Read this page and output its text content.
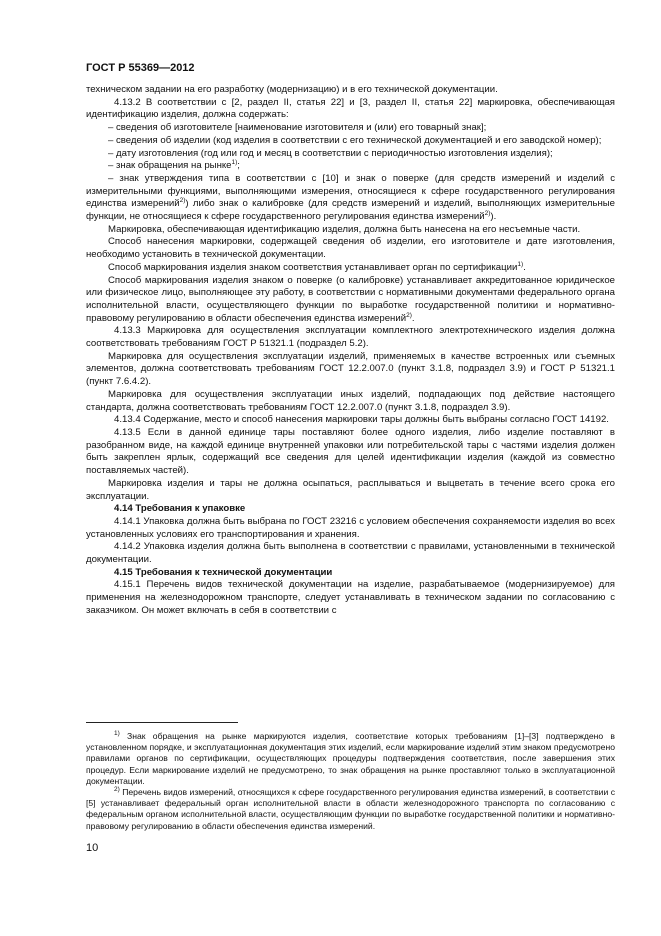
ГОСТ Р 55369—2012

техническом задании на его разработку (модернизацию) и в его технической документации.

4.13.2 В соответствии с [2, раздел II, статья 22] и [3, раздел II, статья 22] маркировка, обеспечивающая идентификацию изделия, должна содержать:

– сведения об изготовителе [наименование изготовителя и (или) его товарный знак];

– сведения об изделии (код изделия в соответствии с его технической документацией и его заводской номер);

– дату изготовления (год или год и месяц в соответствии с периодичностью изготовления изделия);

– знак обращения на рынке$^{1)}$;

– знак утверждения типа в соответствии с [10] и знак о поверке (для средств измерений и изделий с измерительными функциями, выполняющими измерения, относящиеся к сфере государственного регулирования единства измерений$^{2)}$) либо знак о калибровке (для средств измерений и изделий, выполняющих измерительные функции, не относящиеся к сфере государственного регулирования единства измерений$^{2)}$).

Маркировка, обеспечивающая идентификацию изделия, должна быть нанесена на его несъемные части.

Способ нанесения маркировки, содержащей сведения об изделии, его изготовителе и дате изготовления, необходимо установить в технической документации.

Способ маркирования изделия знаком соответствия устанавливает орган по сертификации$^{1)}$.

Способ маркирования изделия знаком о поверке (о калибровке) устанавливает аккредитованное юридическое или физическое лицо, выполняющее эту работу, в соответствии с нормативными документами федерального органа исполнительной власти, осуществляющего функции по выработке государственной политики и нормативно-правовому регулированию в области обеспечения единства измерений$^{2)}$.

4.13.3 Маркировка для осуществления эксплуатации комплектного электротехнического изделия должна соответствовать требованиям ГОСТ Р 51321.1 (подраздел 5.2).

Маркировка для осуществления эксплуатации изделий, применяемых в качестве встроенных или съемных элементов, должна соответствовать требованиям ГОСТ 12.2.007.0 (пункт 3.1.8, подраздел 3.9) и ГОСТ Р 51321.1 (пункт 7.6.4.2).

Маркировка для осуществления эксплуатации иных изделий, подпадающих под действие настоящего стандарта, должна соответствовать требованиям ГОСТ 12.2.007.0 (пункт 3.1.8, подраздел 3.9).

4.13.4 Содержание, место и способ нанесения маркировки тары должны быть выбраны согласно ГОСТ 14192.

4.13.5 Если в данной единице тары поставляют более одного изделия, либо изделие поставляют в разобранном виде, на каждой единице внутренней упаковки или потребительской тары с частями изделия должен быть закреплен ярлык, содержащий все сведения для целей идентификации изделия (каждой из совместно поставляемых частей).

Маркировка изделия и тары не должна осыпаться, расплываться и выцветать в течение всего срока его эксплуатации.

4.14 Требования к упаковке

4.14.1 Упаковка должна быть выбрана по ГОСТ 23216 с условием обеспечения сохраняемости изделия во всех установленных условиях его транспортирования и хранения.

4.14.2 Упаковка изделия должна быть выполнена в соответствии с правилами, установленными в технической документации.

4.15 Требования к технической документации

4.15.1 Перечень видов технической документации на изделие, разрабатываемое (модернизируемое) для применения на железнодорожном транспорте, следует устанавливать в техническом задании по согласованию с заказчиком. Он может включать в себя в соответствии с

$^{1)}$ Знак обращения на рынке маркируются изделия, соответствие которых требованиям [1]–[3] подтверждено в установленном порядке, и эксплуатационная документация этих изделий, если маркирование изделий этим знаком предусмотрено правилами органов по сертификации, осуществляющих процедуры подтверждения соответствия, после завершения этих процедур. Если маркирование изделий не предусмотрено, то знак обращения на рынке проставляют только в эксплуатационной документации.

$^{2)}$ Перечень видов измерений, относящихся к сфере государственного регулирования единства измерений, в соответствии с [5] устанавливает федеральный орган исполнительной власти в области железнодорожного транспорта по согласованию с федеральным органом исполнительной власти, осуществляющим функции по выработке государственной политики и нормативно-правовому регулированию в области обеспечения единства измерений.

10
